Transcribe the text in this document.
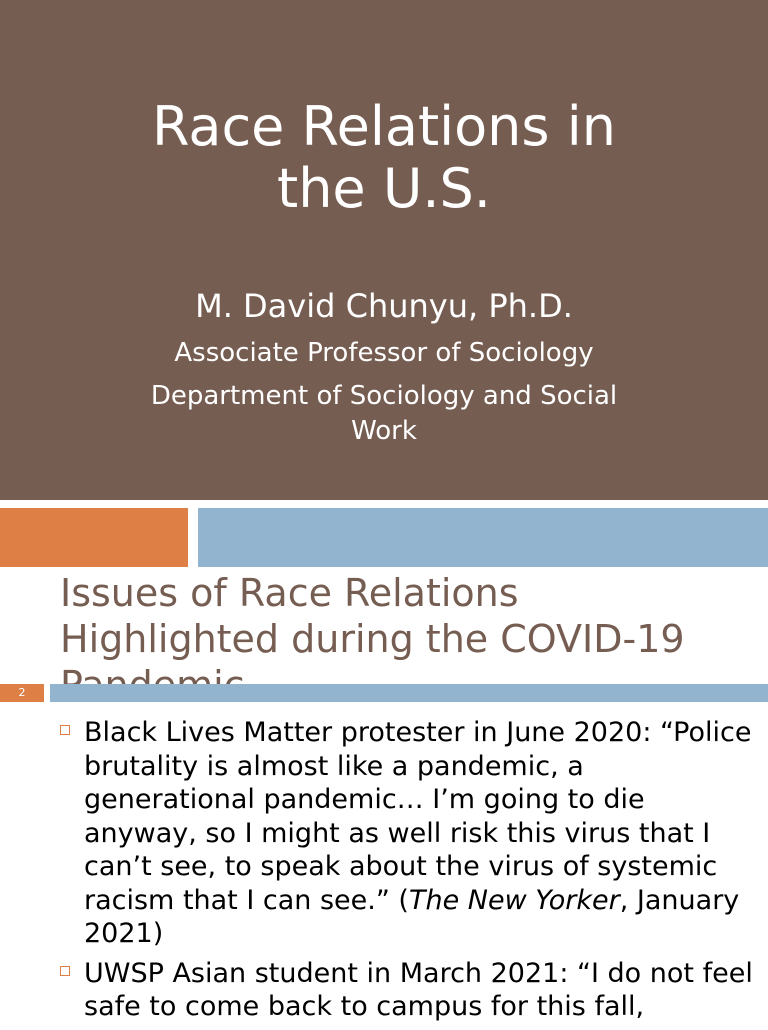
Race Relations in
the U.S.
M. David Chunyu, Ph.D.
Associate Professor of Sociology
Department of Sociology and Social
Work
Issues of Race Relations
Highlighted during the COVID-19

2
Black Lives Matter protester in June 2020: “Police brutality is almost like a pandemic, a generational pandemic… I’m going to die anyway, so I might as well risk this virus that I can’t see, to speak about the virus of systemic racism that I can see.” (The New Yorker, January 2021)
UWSP Asian student in March 2021: “I do not feel safe to come back to campus for this fall,
